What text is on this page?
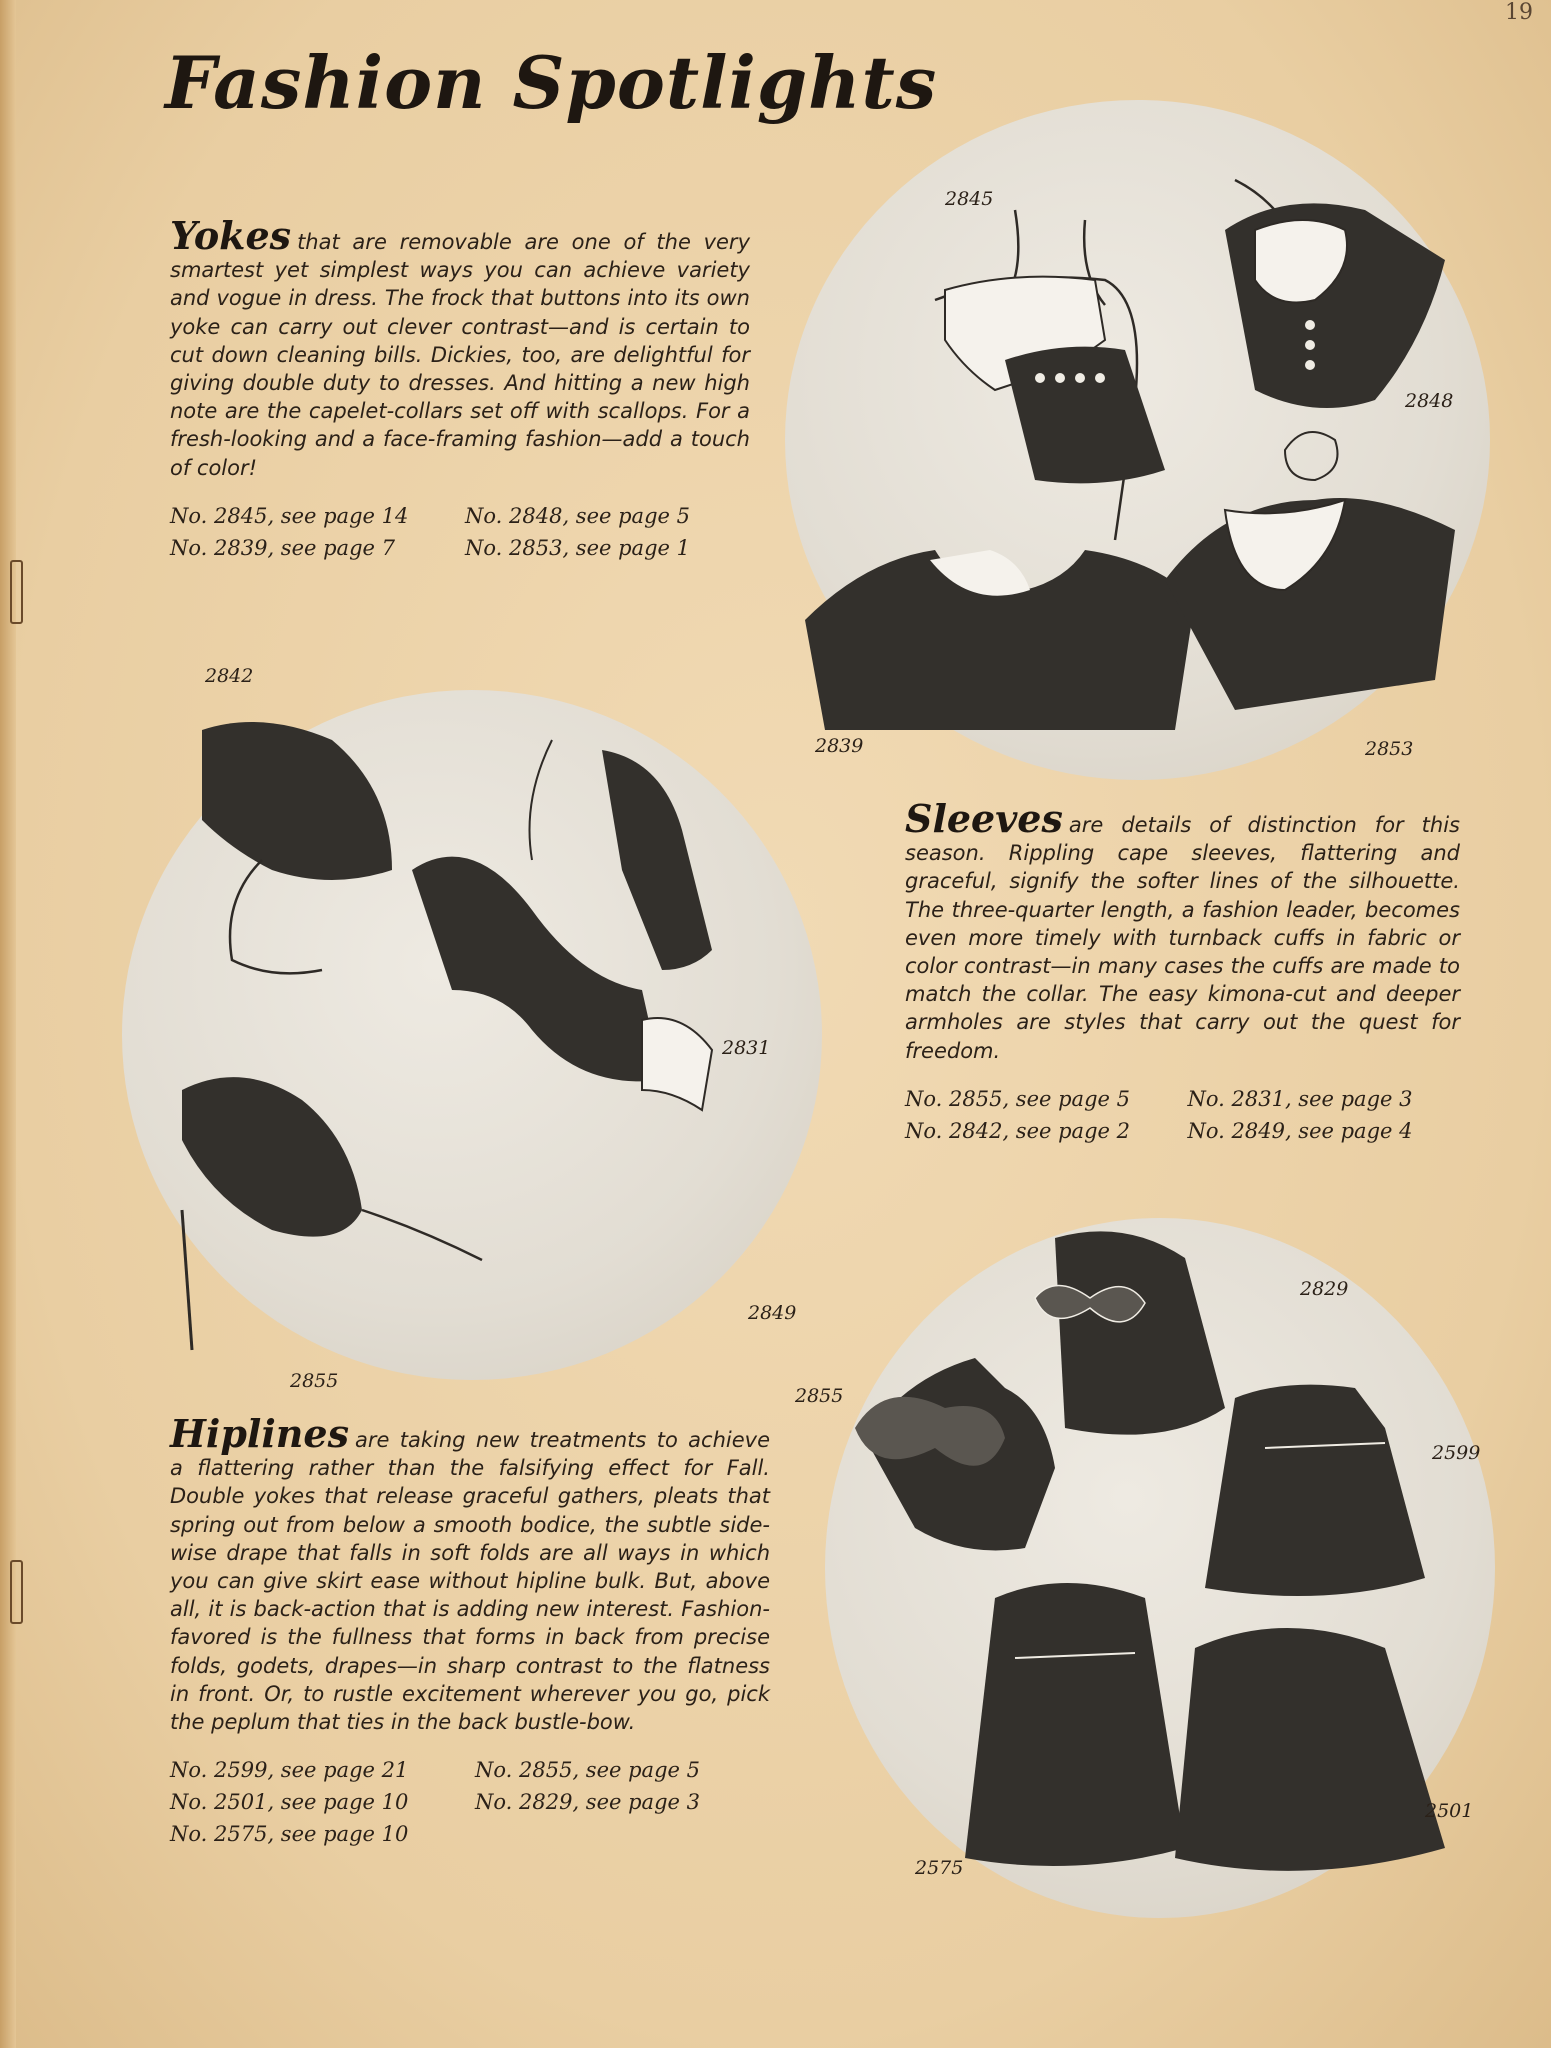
19
Fashion Spotlights

Yokes that are removable are one of the very smartest yet simplest ways you can achieve variety and vogue in dress. The frock that buttons into its own yoke can carry out clever contrast—and is certain to cut down cleaning bills. Dickies, too, are delightful for giving double duty to dresses. And hitting a new high note are the capelet-collars set off with scallops. For a fresh-looking and a face-framing fashion—add a touch of color!

No. 2845, see page 14	No. 2848, see page 5
No. 2839, see page 7	No. 2853, see page 1

Sleeves are details of distinction for this season. Rippling cape sleeves, flattering and graceful, signify the softer lines of the silhouette. The three-quarter length, a fashion leader, becomes even more timely with turnback cuffs in fabric or color contrast—in many cases the cuffs are made to match the collar. The easy kimona-cut and deeper armholes are styles that carry out the quest for freedom.

No. 2855, see page 5	No. 2831, see page 3
No. 2842, see page 2	No. 2849, see page 4

Hiplines are taking new treatments to achieve a flattering rather than the falsifying effect for Fall. Double yokes that release graceful gathers, pleats that spring out from below a smooth bodice, the subtle side-wise drape that falls in soft folds are all ways in which you can give skirt ease without hipline bulk. But, above all, it is back-action that is adding new interest. Fashion-favored is the fullness that forms in back from precise folds, godets, drapes—in sharp contrast to the flatness in front. Or, to rustle excitement wherever you go, pick the peplum that ties in the back bustle-bow.

No. 2599, see page 21	No. 2855, see page 5
No. 2501, see page 10	No. 2829, see page 3
No. 2575, see page 10
2845
2848
2839	2853
2842
2831
2849
2855
2855
2829
2599
2575
2501
